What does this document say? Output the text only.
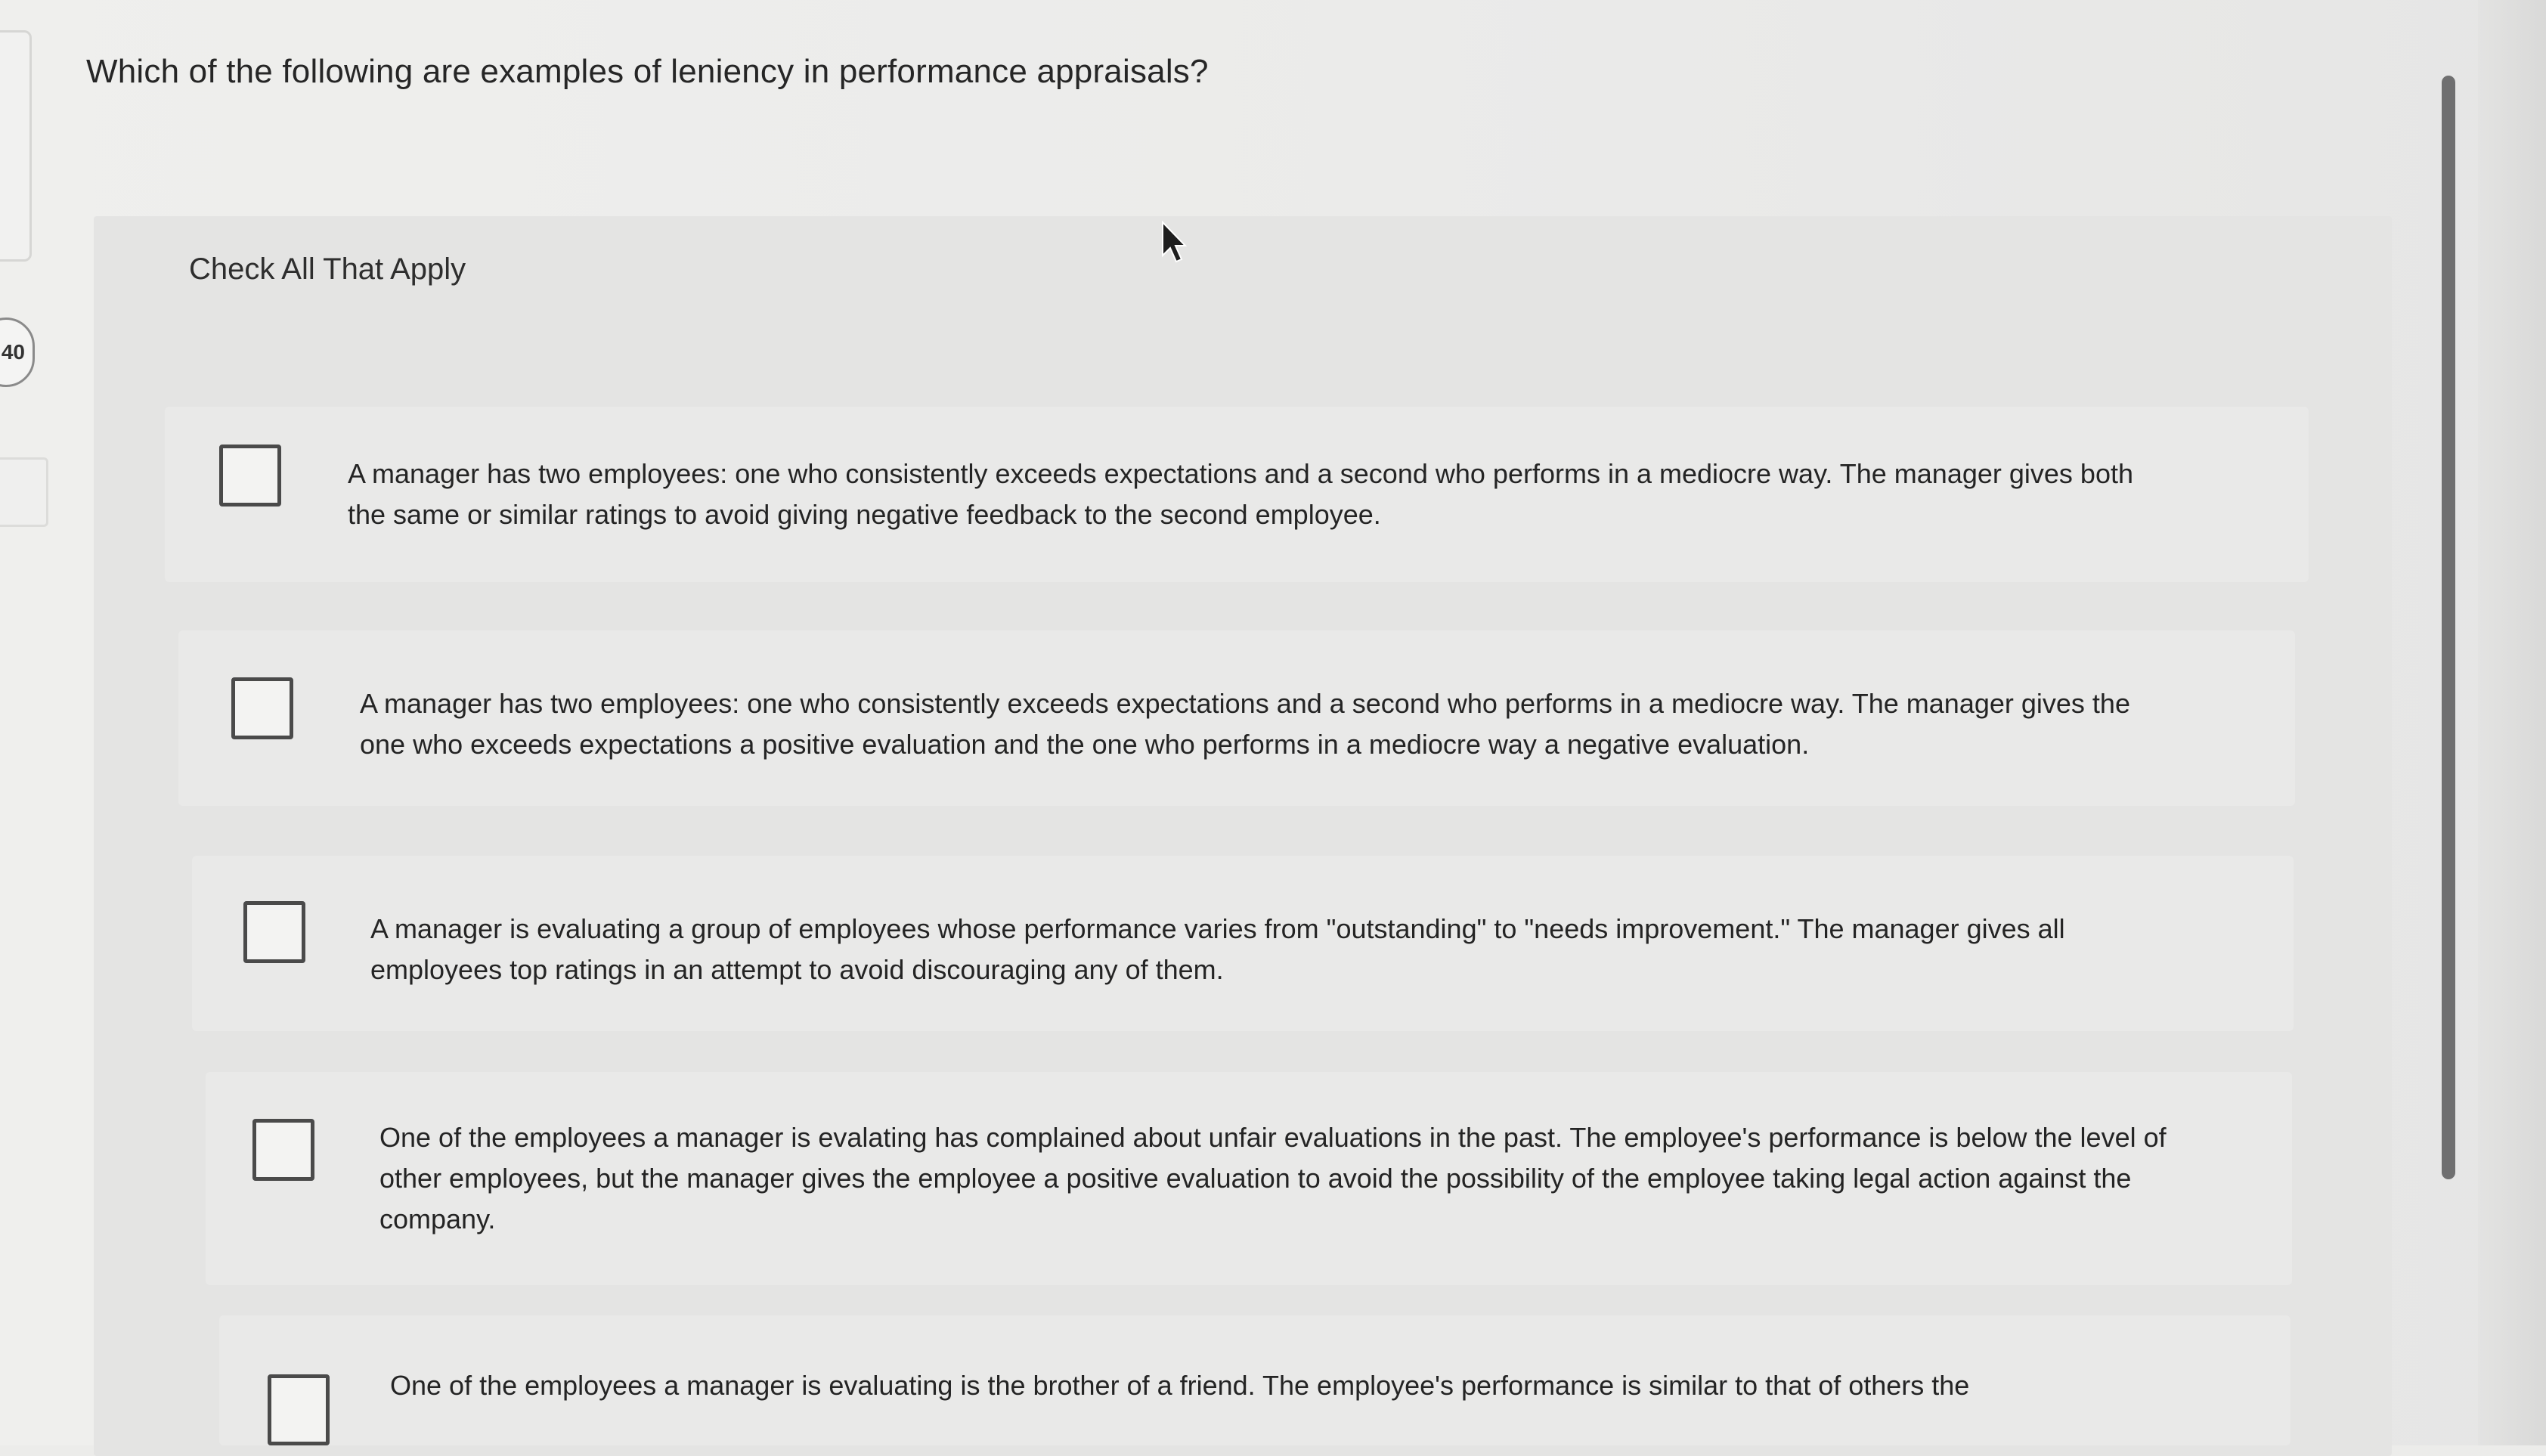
40
Which of the following are examples of leniency in performance appraisals?
Check All That Apply
A manager has two employees: one who consistently exceeds expectations and a second who performs in a mediocre way. The manager gives both the same or similar ratings to avoid giving negative feedback to the second employee.
A manager has two employees: one who consistently exceeds expectations and a second who performs in a mediocre way. The manager gives the one who exceeds expectations a positive evaluation and the one who performs in a mediocre way a negative evaluation.
A manager is evaluating a group of employees whose performance varies from "outstanding" to "needs improvement." The manager gives all employees top ratings in an attempt to avoid discouraging any of them.
One of the employees a manager is evalating has complained about unfair evaluations in the past. The employee's performance is below the level of other employees, but the manager gives the employee a positive evaluation to avoid the possibility of the employee taking legal action against the company.
One of the employees a manager is evaluating is the brother of a friend. The employee's performance is similar to that of others the
